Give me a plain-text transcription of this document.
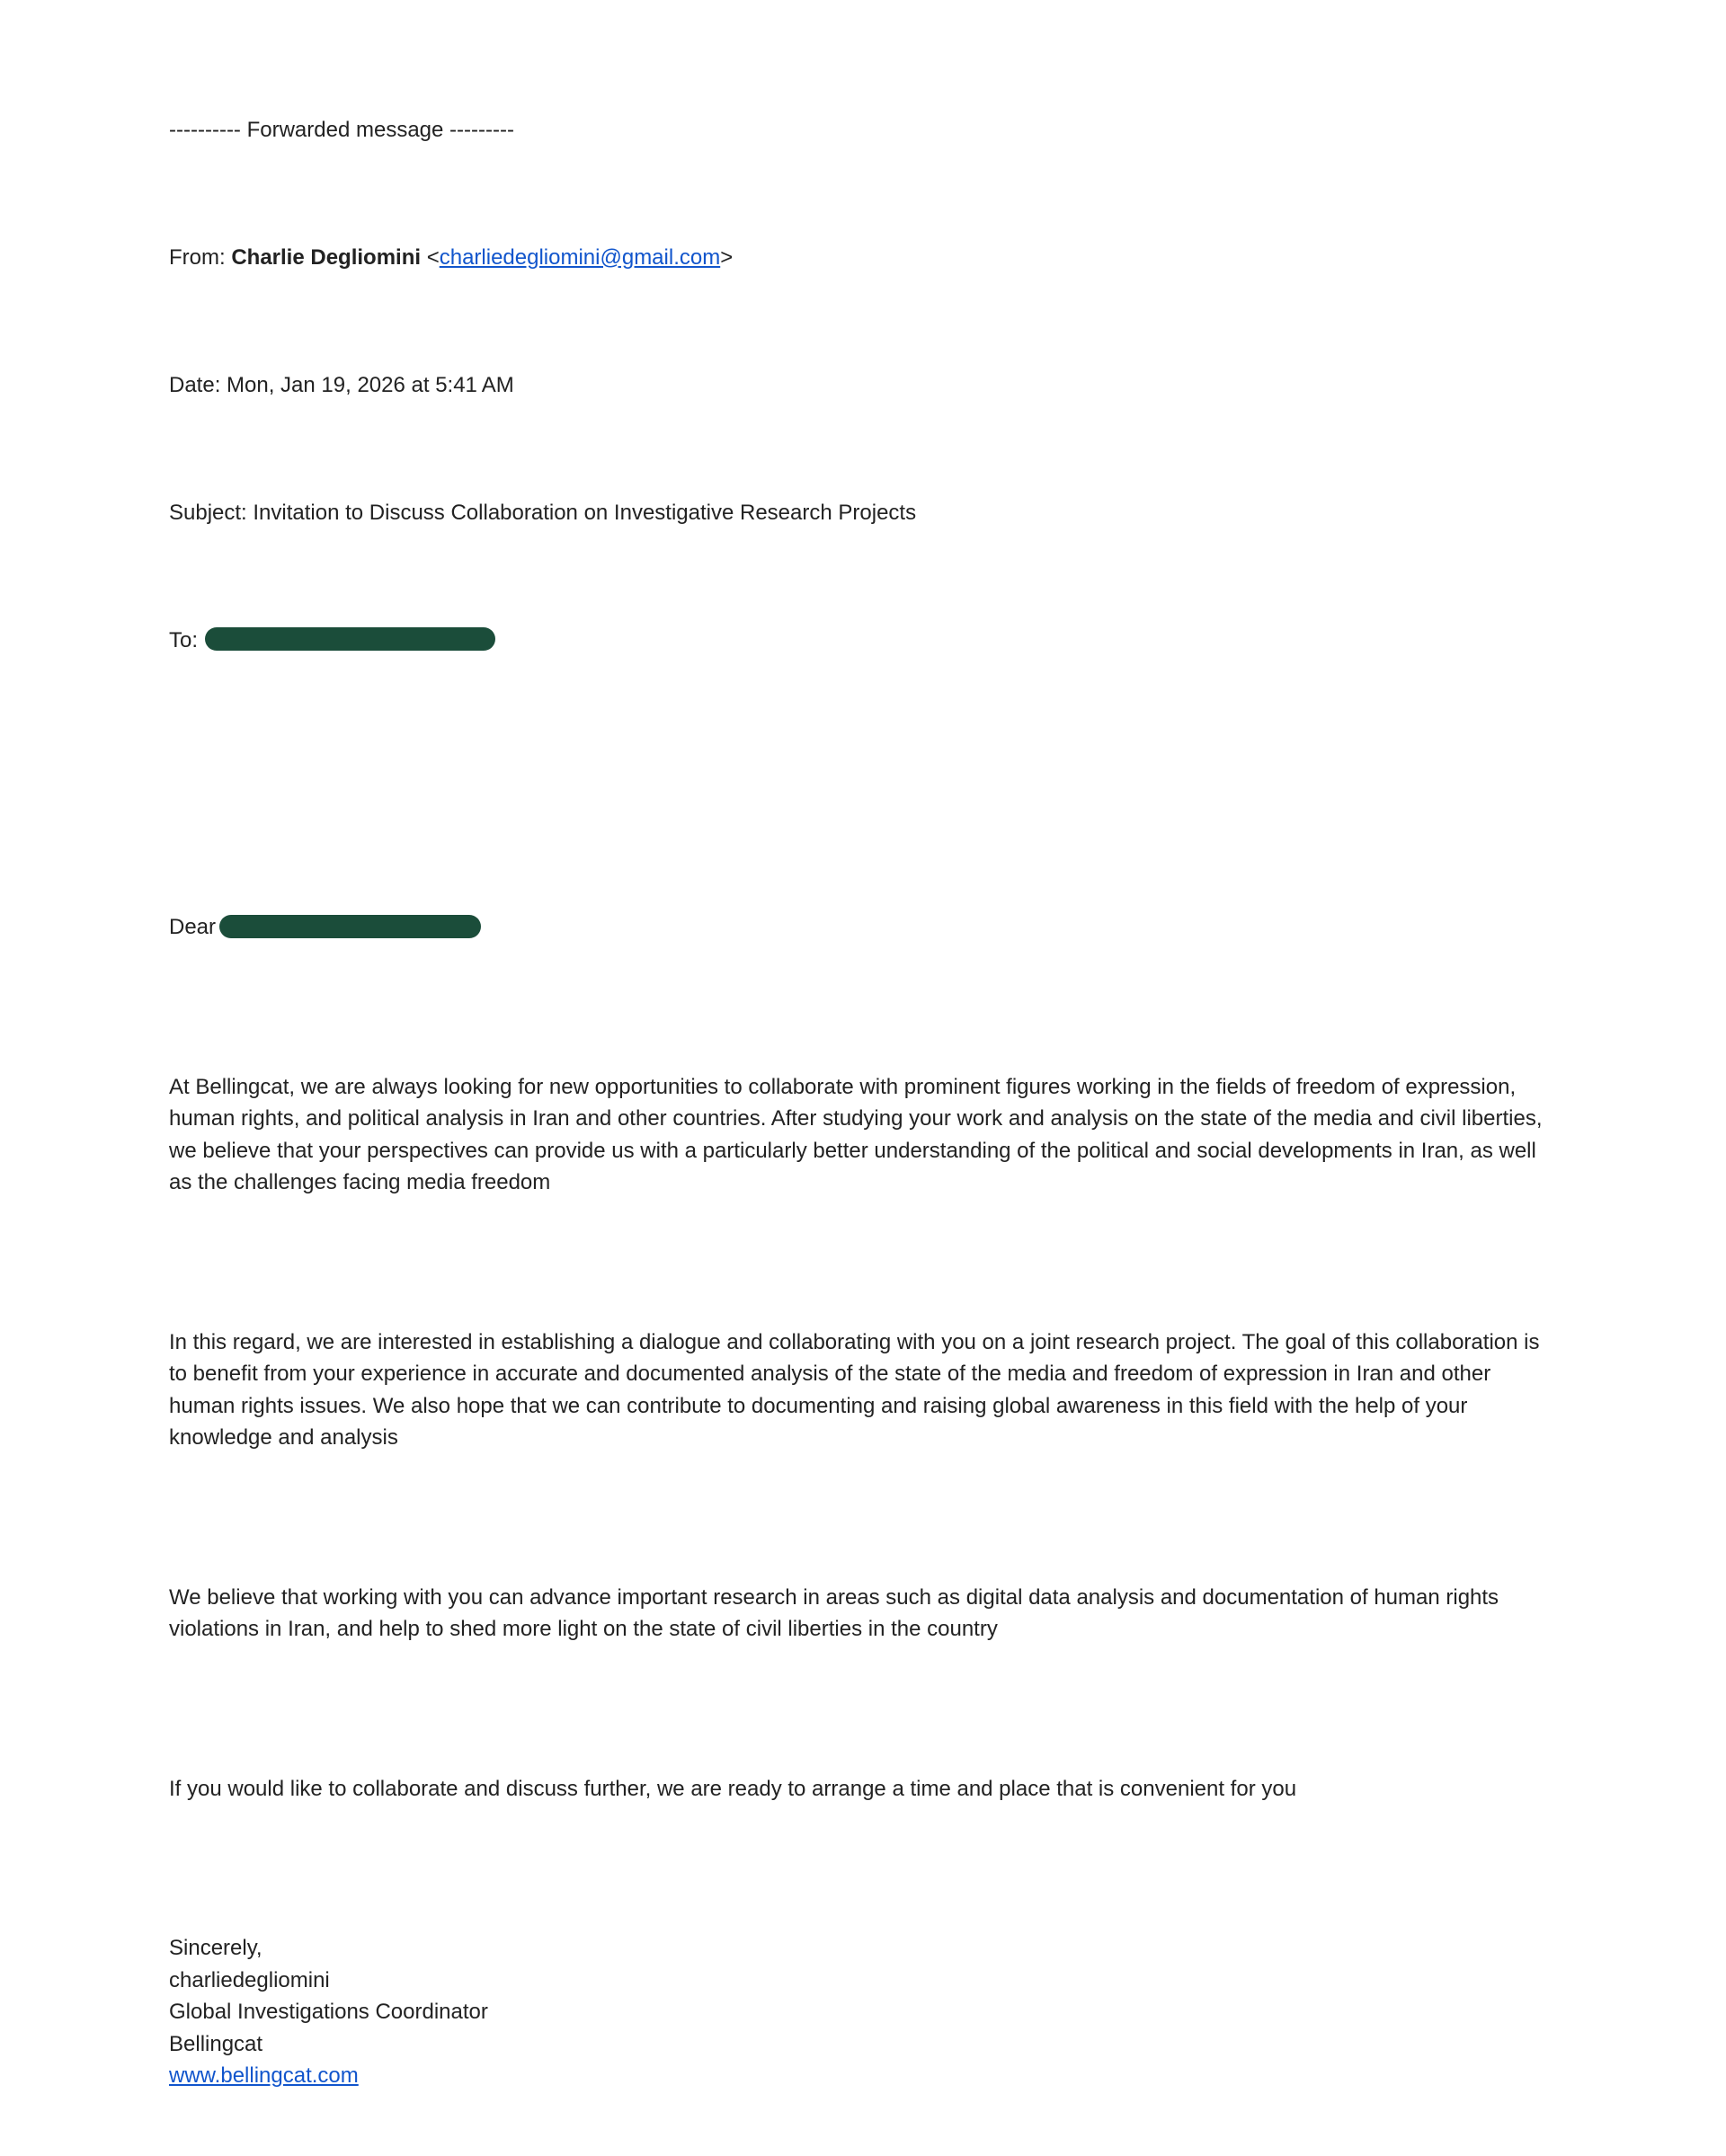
---------- Forwarded message ---------

From: Charlie Degliomini <charliedegliomini@gmail.com>

Date: Mon, Jan 19, 2026 at 5:41 AM

Subject: Invitation to Discuss Collaboration on Investigative Research Projects

To:

Dear

At Bellingcat, we are always looking for new opportunities to collaborate with prominent figures working in the fields of freedom of expression,
human rights, and political analysis in Iran and other countries. After studying your work and analysis on the state of the media and civil liberties,
we believe that your perspectives can provide us with a particularly better understanding of the political and social developments in Iran, as well
as the challenges facing media freedom

In this regard, we are interested in establishing a dialogue and collaborating with you on a joint research project. The goal of this collaboration is
to benefit from your experience in accurate and documented analysis of the state of the media and freedom of expression in Iran and other
human rights issues. We also hope that we can contribute to documenting and raising global awareness in this field with the help of your
knowledge and analysis

We believe that working with you can advance important research in areas such as digital data analysis and documentation of human rights
violations in Iran, and help to shed more light on the state of civil liberties in the country

If you would like to collaborate and discuss further, we are ready to arrange a time and place that is convenient for you

Sincerely,
charliedegliomini
Global Investigations Coordinator
Bellingcat
www.bellingcat.com
